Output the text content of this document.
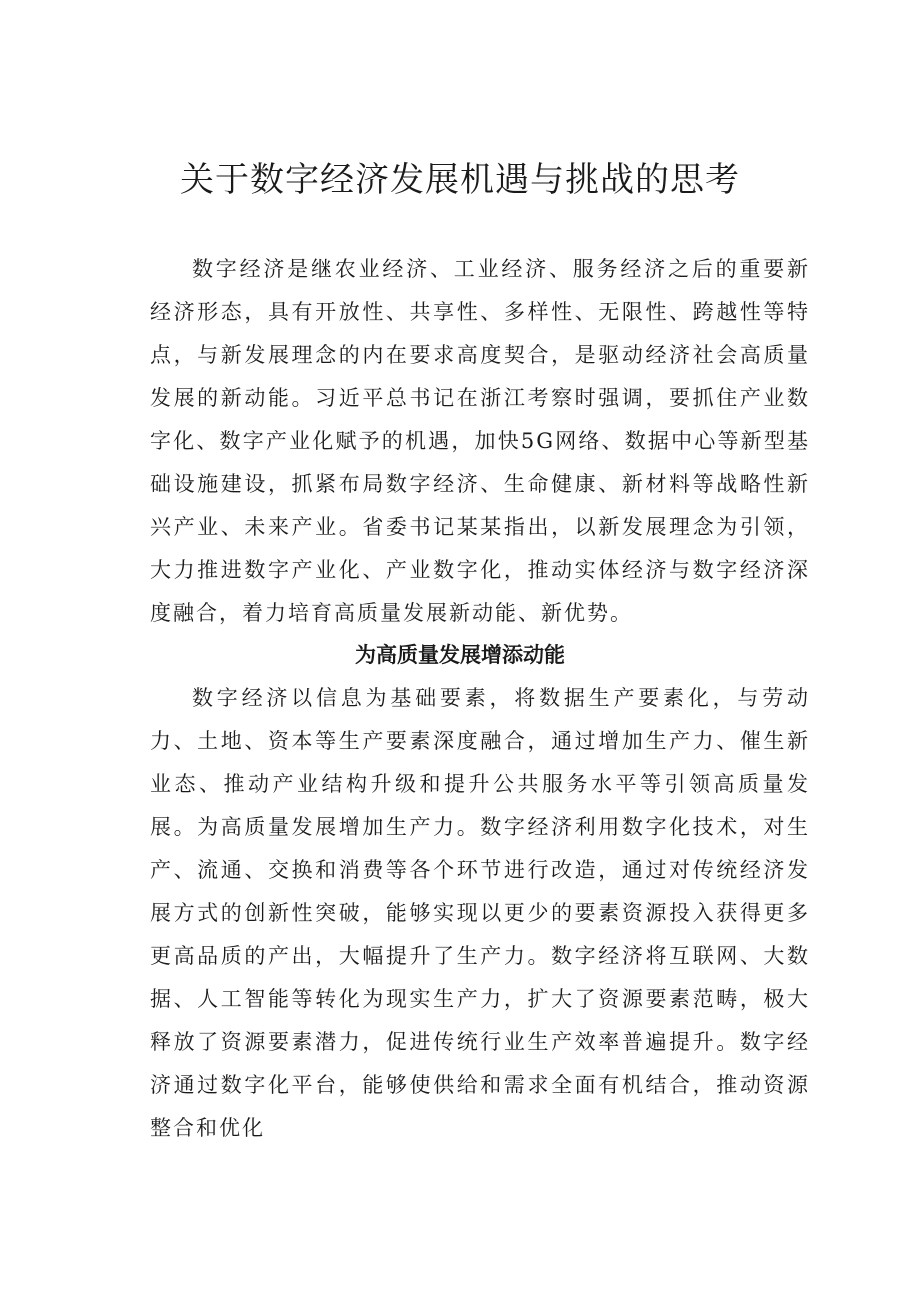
关于数字经济发展机遇与挑战的思考

数字经济是继农业经济、工业经济、服务经济之后的重要新经济形态，具有开放性、共享性、多样性、无限性、跨越性等特点，与新发展理念的内在要求高度契合，是驱动经济社会高质量发展的新动能。习近平总书记在浙江考察时强调，要抓住产业数字化、数字产业化赋予的机遇，加快5G网络、数据中心等新型基础设施建设，抓紧布局数字经济、生命健康、新材料等战略性新兴产业、未来产业。省委书记某某指出，以新发展理念为引领，大力推进数字产业化、产业数字化，推动实体经济与数字经济深度融合，着力培育高质量发展新动能、新优势。

为高质量发展增添动能

数字经济以信息为基础要素，将数据生产要素化，与劳动力、土地、资本等生产要素深度融合，通过增加生产力、催生新业态、推动产业结构升级和提升公共服务水平等引领高质量发展。为高质量发展增加生产力。数字经济利用数字化技术，对生产、流通、交换和消费等各个环节进行改造，通过对传统经济发展方式的创新性突破，能够实现以更少的要素资源投入获得更多更高品质的产出，大幅提升了生产力。数字经济将互联网、大数据、人工智能等转化为现实生产力，扩大了资源要素范畴，极大释放了资源要素潜力，促进传统行业生产效率普遍提升。数字经济通过数字化平台，能够使供给和需求全面有机结合，推动资源整合和优化
